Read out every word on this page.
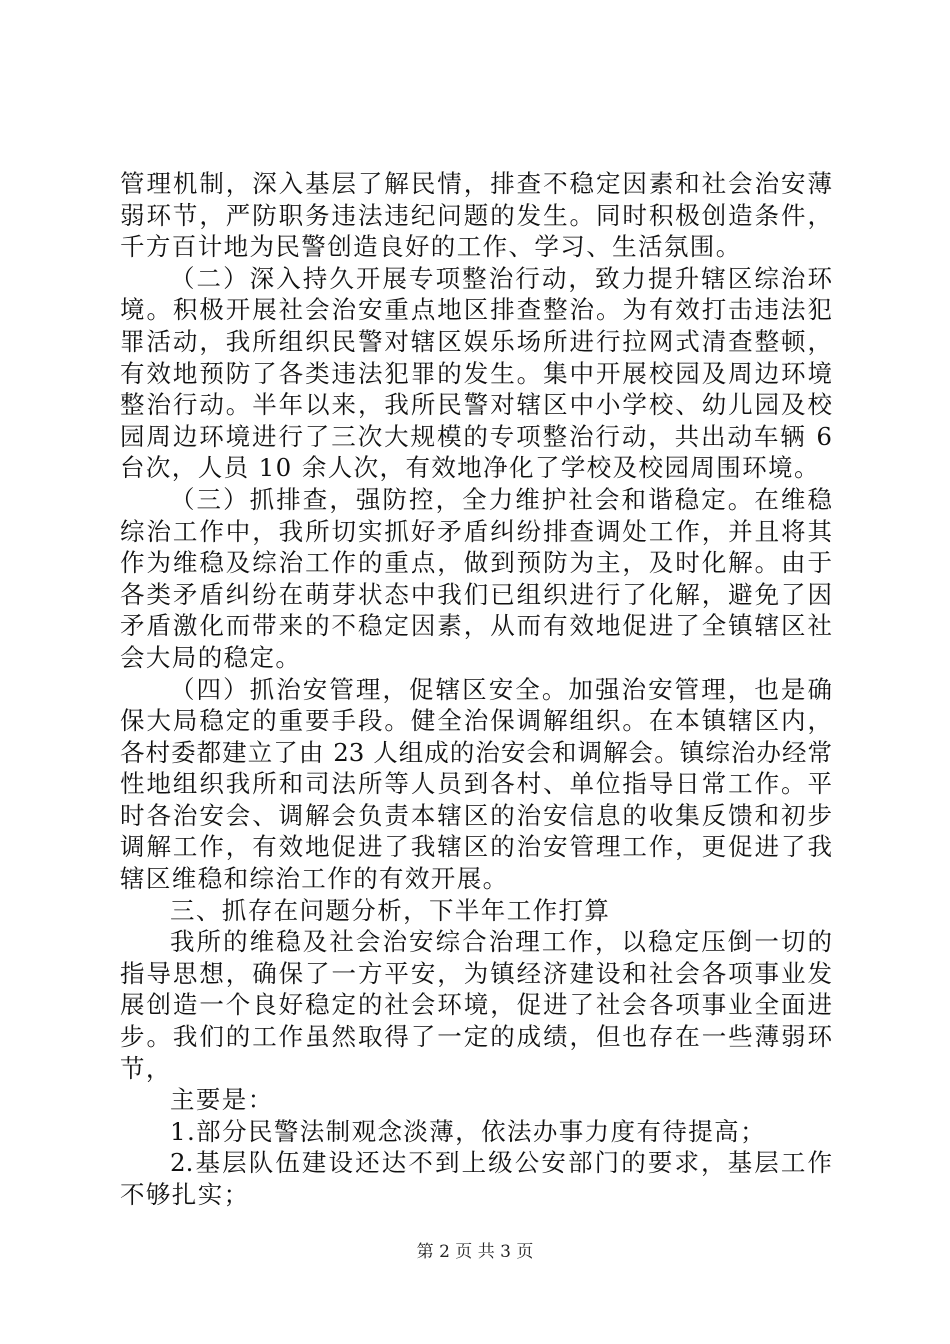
管理机制，深入基层了解民情，排查不稳定因素和社会治安薄
弱环节，严防职务违法违纪问题的发生。同时积极创造条件，
千方百计地为民警创造良好的工作、学习、生活氛围。
（二）深入持久开展专项整治行动，致力提升辖区综治环
境。积极开展社会治安重点地区排查整治。为有效打击违法犯
罪活动，我所组织民警对辖区娱乐场所进行拉网式清查整顿，
有效地预防了各类违法犯罪的发生。集中开展校园及周边环境
整治行动。半年以来，我所民警对辖区中小学校、幼儿园及校
园周边环境进行了三次大规模的专项整治行动，共出动车辆 6
台次，人员 10 余人次，有效地净化了学校及校园周围环境。
（三）抓排查，强防控，全力维护社会和谐稳定。在维稳
综治工作中，我所切实抓好矛盾纠纷排查调处工作，并且将其
作为维稳及综治工作的重点，做到预防为主，及时化解。由于
各类矛盾纠纷在萌芽状态中我们已组织进行了化解，避免了因
矛盾激化而带来的不稳定因素，从而有效地促进了全镇辖区社
会大局的稳定。
（四）抓治安管理，促辖区安全。加强治安管理，也是确
保大局稳定的重要手段。健全治保调解组织。在本镇辖区内，
各村委都建立了由 23 人组成的治安会和调解会。镇综治办经常
性地组织我所和司法所等人员到各村、单位指导日常工作。平
时各治安会、调解会负责本辖区的治安信息的收集反馈和初步
调解工作，有效地促进了我辖区的治安管理工作，更促进了我
辖区维稳和综治工作的有效开展。
三、抓存在问题分析，下半年工作打算
我所的维稳及社会治安综合治理工作，以稳定压倒一切的
指导思想，确保了一方平安，为镇经济建设和社会各项事业发
展创造一个良好稳定的社会环境，促进了社会各项事业全面进
步。我们的工作虽然取得了一定的成绩，但也存在一些薄弱环
节，
主要是：
1.部分民警法制观念淡薄，依法办事力度有待提高；
2.基层队伍建设还达不到上级公安部门的要求，基层工作
不够扎实；
第 2 页 共 3 页
